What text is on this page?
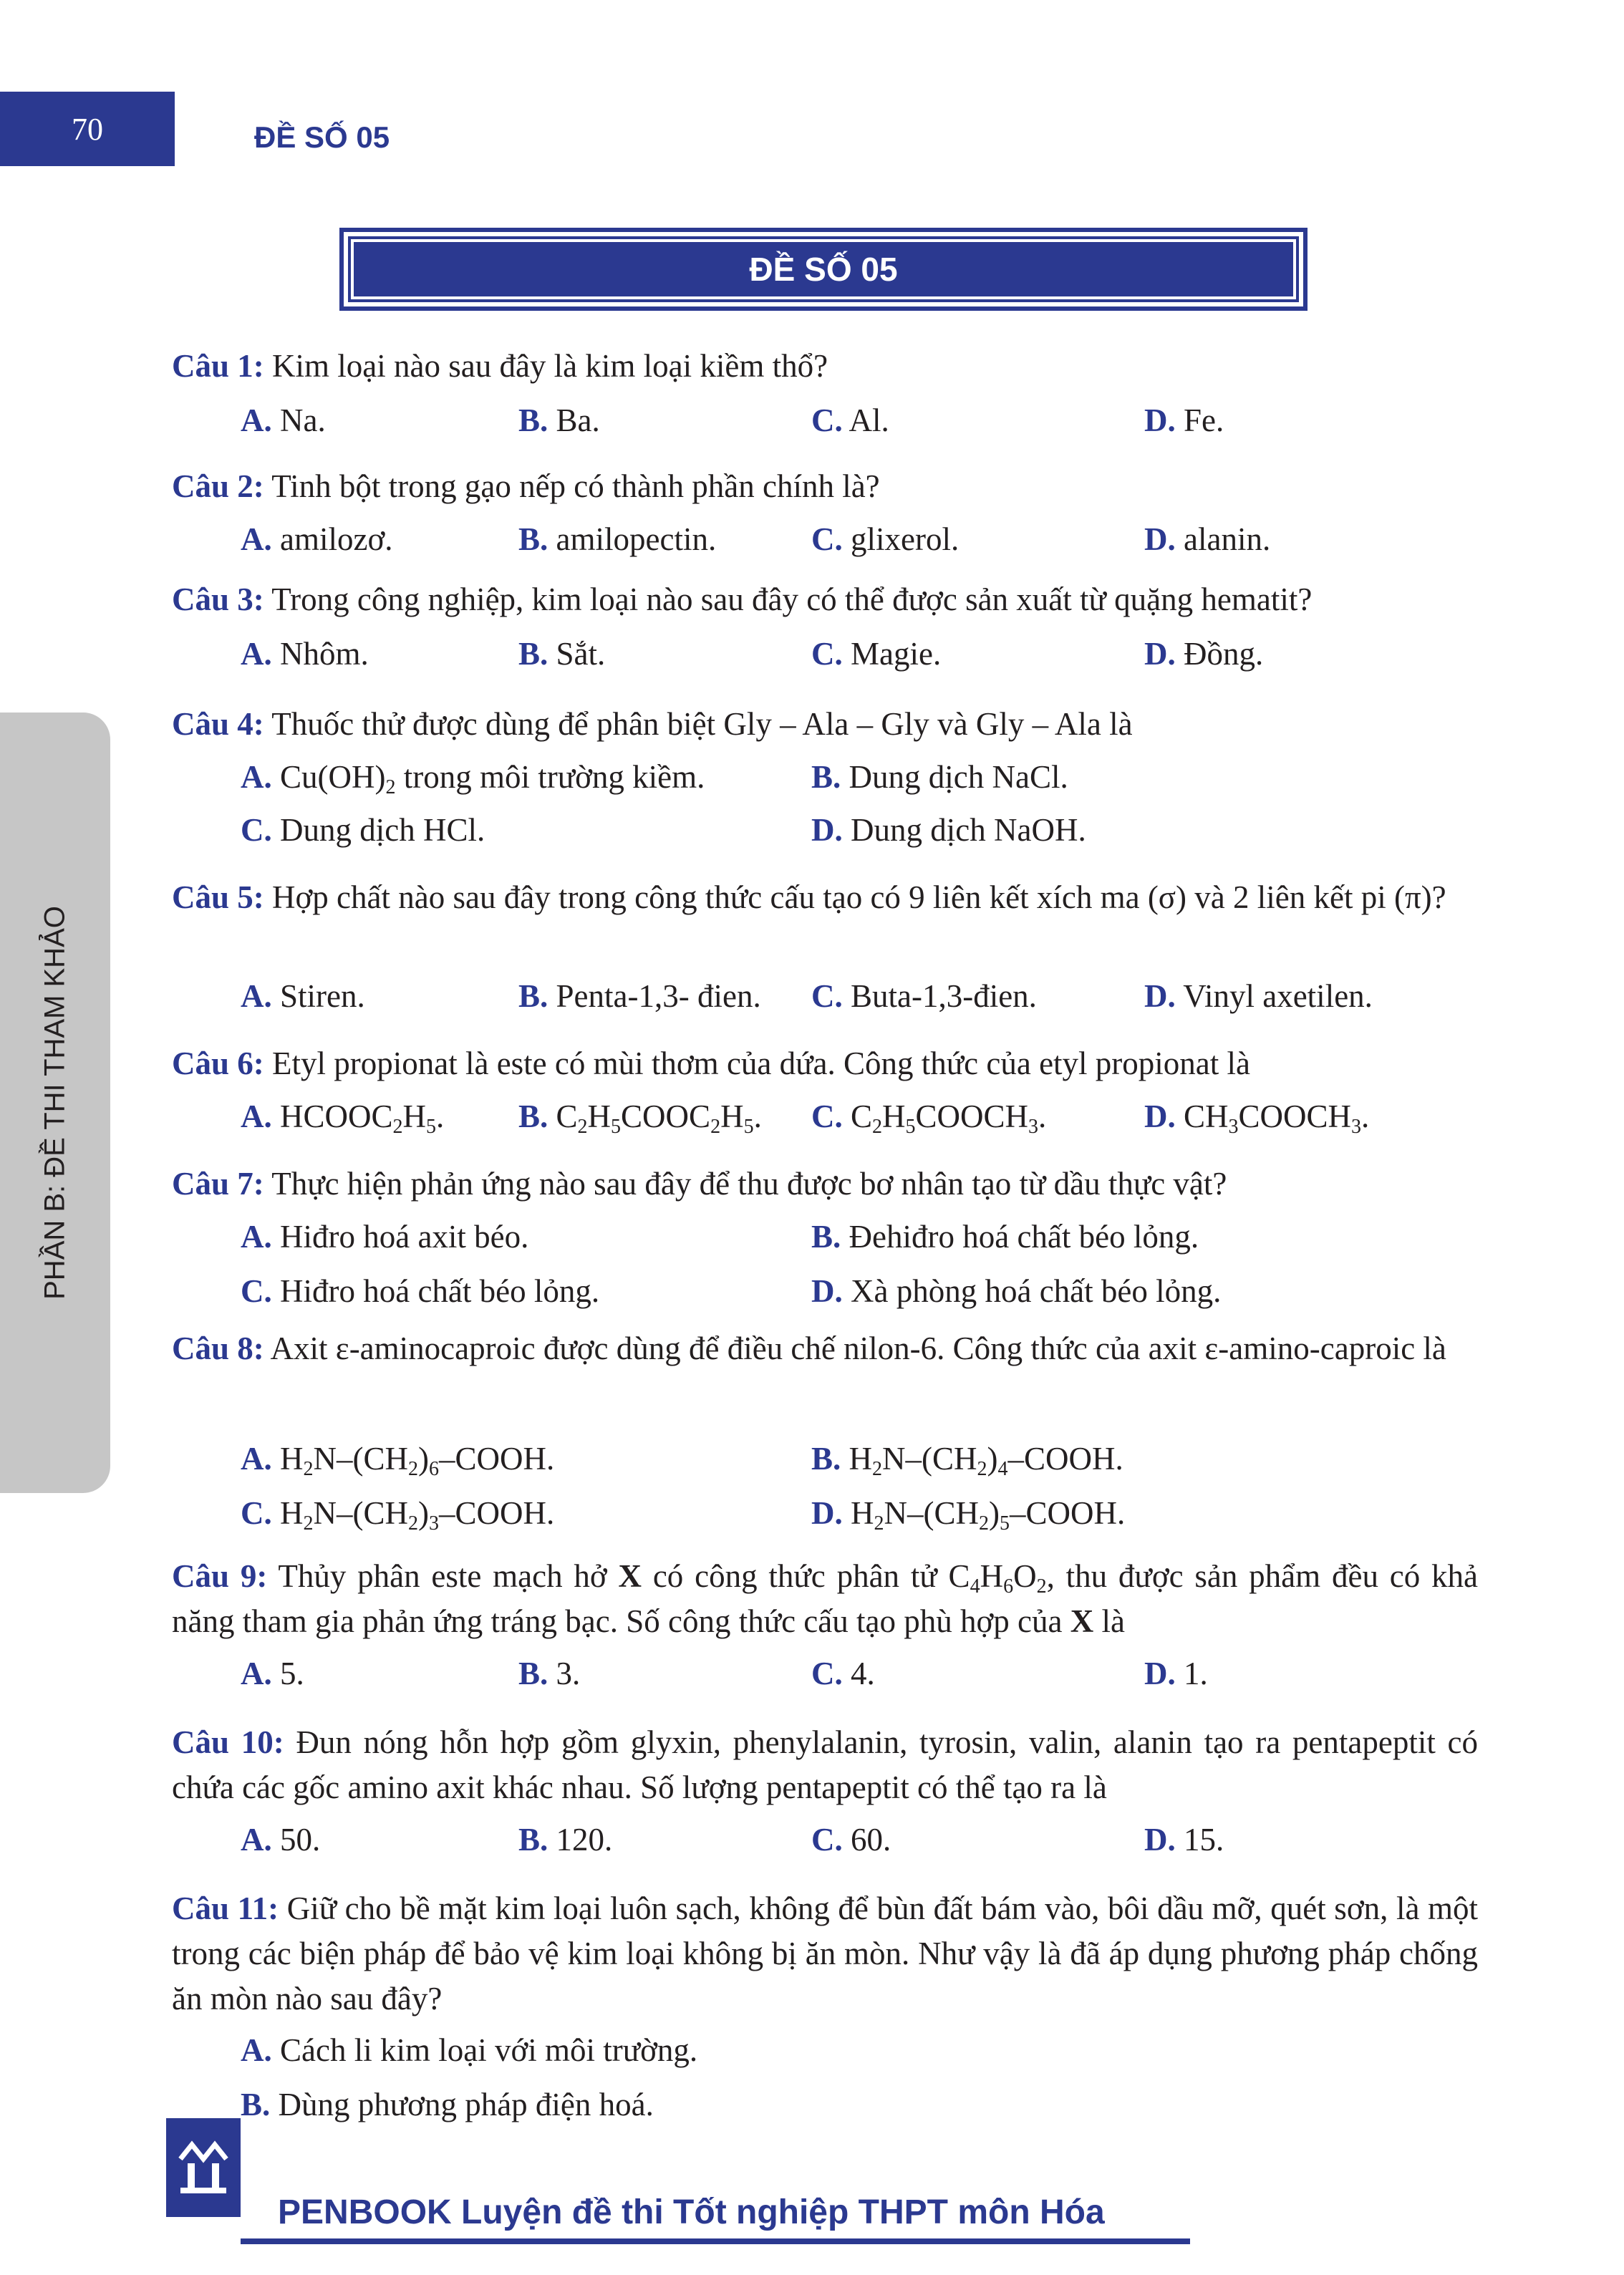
70	ĐỀ SỐ 05
ĐỀ SỐ 05
PHẦN B: ĐỀ THI THAM KHẢO
Câu 1: Kim loại nào sau đây là kim loại kiềm thổ?
A. Na.	B. Ba.	C. Al.	D. Fe.
Câu 2: Tinh bột trong gạo nếp có thành phần chính là?
A. amilozơ.	B. amilopectin.	C. glixerol.	D. alanin.
Câu 3: Trong công nghiệp, kim loại nào sau đây có thể được sản xuất từ quặng hematit?
A. Nhôm.	B. Sắt.	C. Magie.	D. Đồng.
Câu 4: Thuốc thử được dùng để phân biệt Gly – Ala – Gly và Gly – Ala là
A. $Cu(OH)_2$ trong môi trường kiềm.	B. Dung dịch NaCl.
C. Dung dịch HCl.	D. Dung dịch NaOH.
Câu 5: Hợp chất nào sau đây trong công thức cấu tạo có 9 liên kết xích ma (σ) và 2 liên kết pi (π)?
A. Stiren.	B. Penta-1,3- đien. C. Buta-1,3-đien.	D. Vinyl axetilen.
Câu 6: Etyl propionat là este có mùi thơm của dứa. Công thức của etyl propionat là
A. $HCOOC_2H_5$. B. $C_2H_5COOC_2H_5$. C. $C_2H_5COOCH_3$.	D. $CH_3COOCH_3$.
Câu 7: Thực hiện phản ứng nào sau đây để thu được bơ nhân tạo từ dầu thực vật?
A. Hiđro hoá axit béo.	B. Đehiđro hoá chất béo lỏng.
C. Hiđro hoá chất béo lỏng.	D. Xà phòng hoá chất béo lỏng.
Câu 8: Axit ε-aminocaproic được dùng để điều chế nilon-6. Công thức của axit ε-amino-caproic là
A. $H_2N-(CH_2)_6$–COOH.	B. $H_2N-(CH_2)_4$–COOH.
C. $H_2N-(CH_2)_3$–COOH.	D. $H_2N-(CH_2)_5$–COOH.
Câu 9: Thủy phân este mạch hở X có công thức phân tử $C_4H_6O_2$, thu được sản phẩm đều có khả năng tham gia phản ứng tráng bạc. Số công thức cấu tạo phù hợp của X là
A. 5.	B. 3.	C. 4.	D. 1.
Câu 10: Đun nóng hỗn hợp gồm glyxin, phenylalanin, tyrosin, valin, alanin tạo ra pentapeptit có chứa các gốc amino axit khác nhau. Số lượng pentapeptit có thể tạo ra là
A. 50.	B. 120.	C. 60.	D. 15.
Câu 11: Giữ cho bề mặt kim loại luôn sạch, không để bùn đất bám vào, bôi dầu mỡ, quét sơn, là một trong các biện pháp để bảo vệ kim loại không bị ăn mòn. Như vậy là đã áp dụng phương pháp chống ăn mòn nào sau đây?
A. Cách li kim loại với môi trường.
B. Dùng phương pháp điện hoá.
PENBOOK Luyện đề thi Tốt nghiệp THPT môn Hóa
